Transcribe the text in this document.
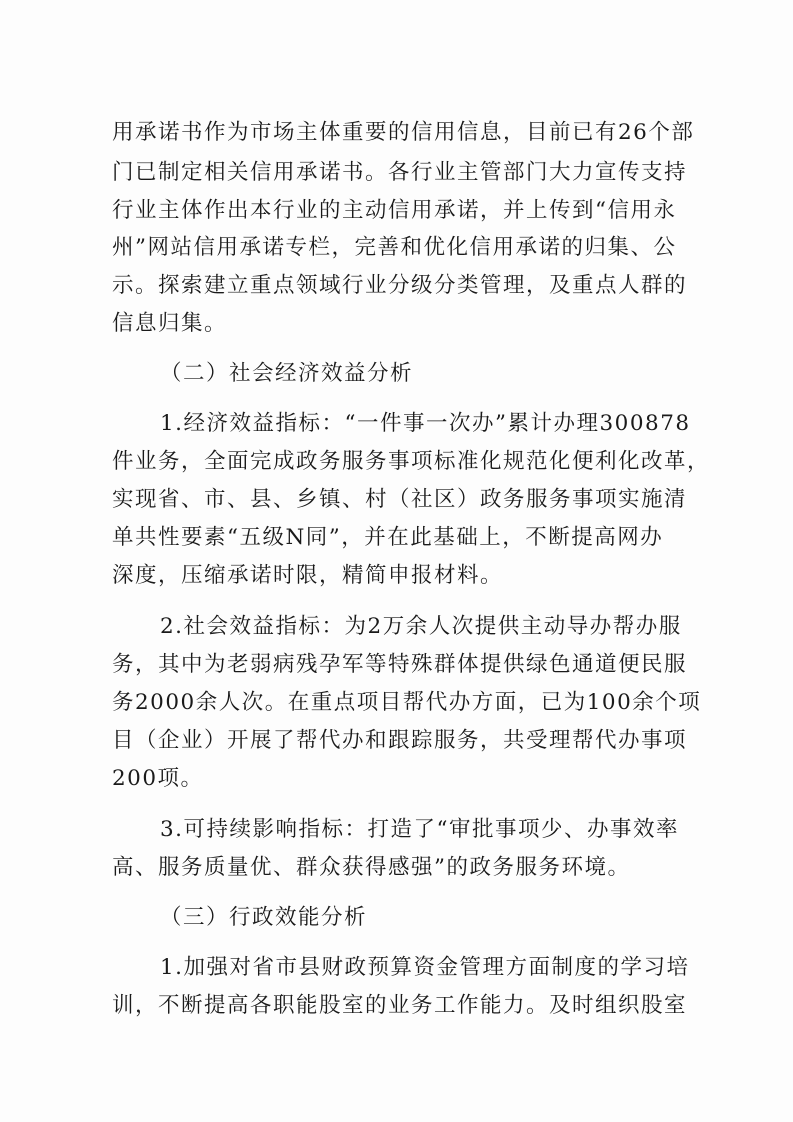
用承诺书作为市场主体重要的信用信息，目前已有26个部
门已制定相关信用承诺书。各行业主管部门大力宣传支持
行业主体作出本行业的主动信用承诺，并上传到“信用永
州”网站信用承诺专栏，完善和优化信用承诺的归集、公
示。探索建立重点领域行业分级分类管理，及重点人群的
信息归集。
（二）社会经济效益分析
1.经济效益指标：“一件事一次办”累计办理300878
件业务，全面完成政务服务事项标准化规范化便利化改革，
实现省、市、县、乡镇、村（社区）政务服务事项实施清
单共性要素“五级N同”，并在此基础上，不断提高网办
深度，压缩承诺时限，精简申报材料。
2.社会效益指标：为2万余人次提供主动导办帮办服
务，其中为老弱病残孕军等特殊群体提供绿色通道便民服
务2000余人次。在重点项目帮代办方面，已为100余个项
目（企业）开展了帮代办和跟踪服务，共受理帮代办事项
200项。
3.可持续影响指标：打造了“审批事项少、办事效率
高、服务质量优、群众获得感强”的政务服务环境。
（三）行政效能分析
1.加强对省市县财政预算资金管理方面制度的学习培
训，不断提高各职能股室的业务工作能力。及时组织股室
